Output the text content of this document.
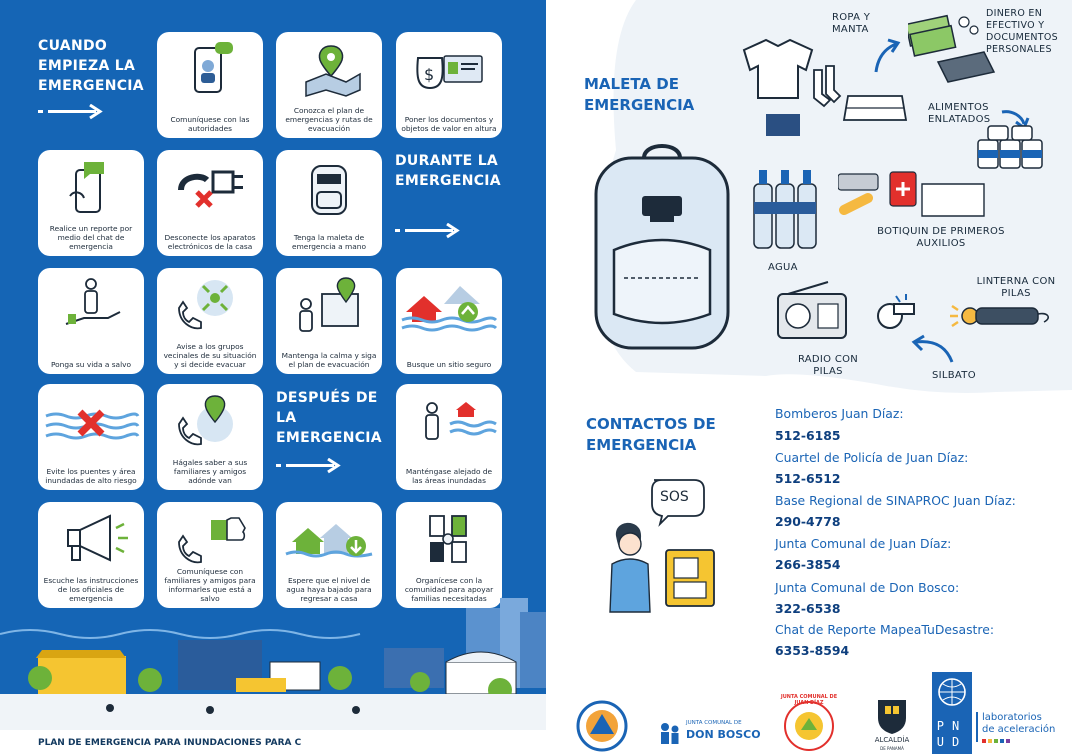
CUANDO EMPIEZA LA EMERGENCIA
DURANTE LA EMERGENCIA
DESPUÉS DE LA EMERGENCIA
Comuníquese con las autoridades
Conozca el plan de emergencias y rutas de evacuación
$
Poner los documentos y objetos de valor en altura
Realice un reporte por medio del chat de emergencia
Desconecte los aparatos electrónicos de la casa
Tenga la maleta de emergencia a mano
Ponga su vida a salvo
Avise a los grupos vecinales de su situación y si decide evacuar
Mantenga la calma y siga el plan de evacuación	Busque un sitio seguro
Evite los puentes y área inundadas de alto riesgo
Hágales saber a sus familiares y amigos adónde van
Manténgase alejado de las áreas inundadas
Escuche las instrucciones de los oficiales de emergencia
Comuníquese con familiares y amigos para informarles que está a salvo
Espere que el nivel de agua haya bajado para regresar a casa
Organícese con la comunidad para apoyar familias necesitadas
PLAN DE EMERGENCIA PARA INUNDACIONES PARA C
MALETA DE EMERGENCIA
ROPA Y MANTA
DINERO EN EFECTIVO Y DOCUMENTOS PERSONALES
ALIMENTOS ENLATADOS
AGUA
BOTIQUIN DE PRIMEROS AUXILIOS
LINTERNA CON PILAS
RADIO CON PILAS	SILBATO
CONTACTOS DE EMERGENCIA
SOS
Bomberos Juan Díaz:
512-6185
Cuartel de Policía de Juan Díaz:
512-6512
Base Regional de SINAPROC Juan Díaz:
290-4778
Junta Comunal de Juan Díaz:
266-3854
Junta Comunal de Don Bosco:
322-6538
Chat de Reporte MapeaTuDesastre:
6353-8594
JUNTA COMUNAL DE
DON BOSCO
JUNTA COMUNAL DE JUAN DÍAZ
ALCALDÍA
DE PANAMÁ
PNUD
laboratorios
de aceleración
